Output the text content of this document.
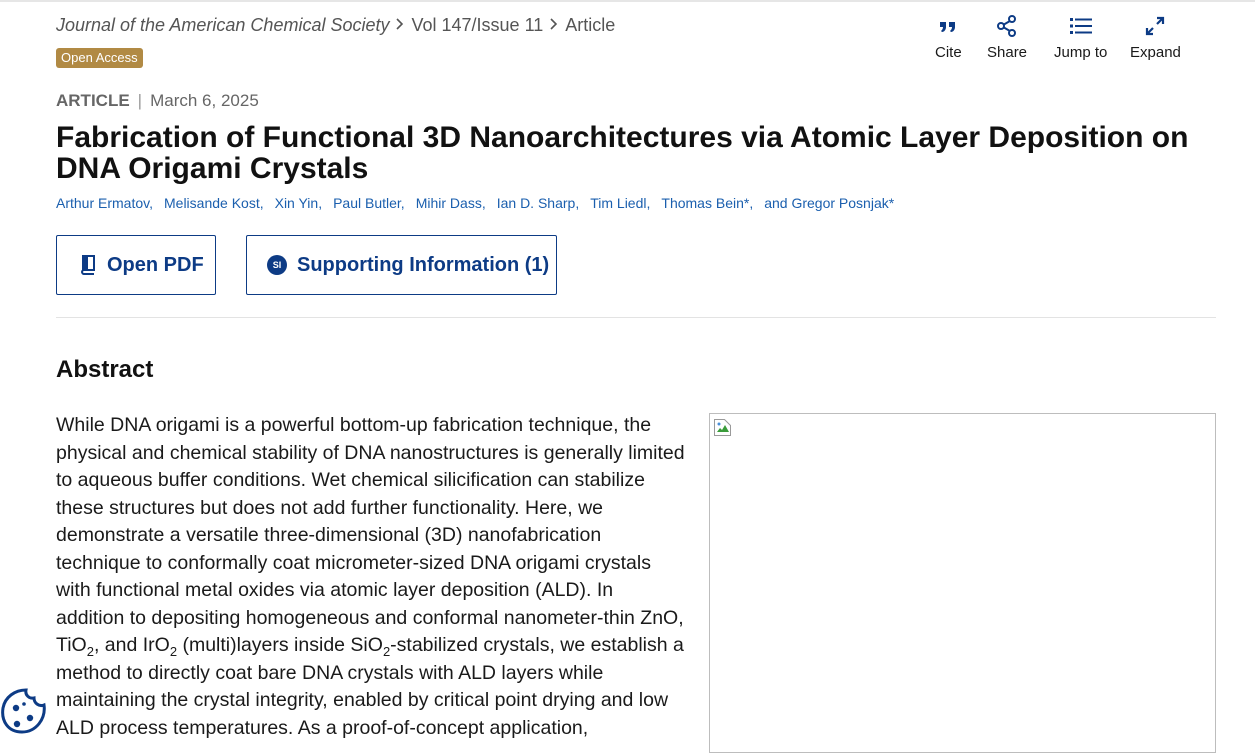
Journal of the American Chemical Society Vol 147/Issue 11 Article
Open Access	Cite Share Jump to Expand
ARTICLE | March 6, 2025
Fabrication of Functional 3D Nanoarchitectures via Atomic Layer Deposition on DNA Origami Crystals
Arthur Ermatov, Melisande Kost, Xin Yin, Paul Butler, Mihir Dass, Ian D. Sharp, Tim Liedl, Thomas Bein*, and Gregor Posnjak*
Open PDF	SI Supporting Information (1)
Abstract

While DNA origami is a powerful bottom-up fabrication technique, the physical and chemical stability of DNA nanostructures is generally limited to aqueous buffer conditions. Wet chemical silicification can stabilize these structures but does not add further functionality. Here, we demonstrate a versatile three-dimensional (3D) nanofabrication technique to conformally coat micrometer-sized DNA origami crystals with functional metal oxides via atomic layer deposition (ALD). In addition to depositing homogeneous and conformal nanometer-thin ZnO, TiO$_2$, and IrO$_2$ (multi)layers inside SiO$_2$-stabilized crystals, we establish a method to directly coat bare DNA crystals with ALD layers while maintaining the crystal integrity, enabled by critical point drying and low ALD process temperatures. As a proof-of-concept application,
